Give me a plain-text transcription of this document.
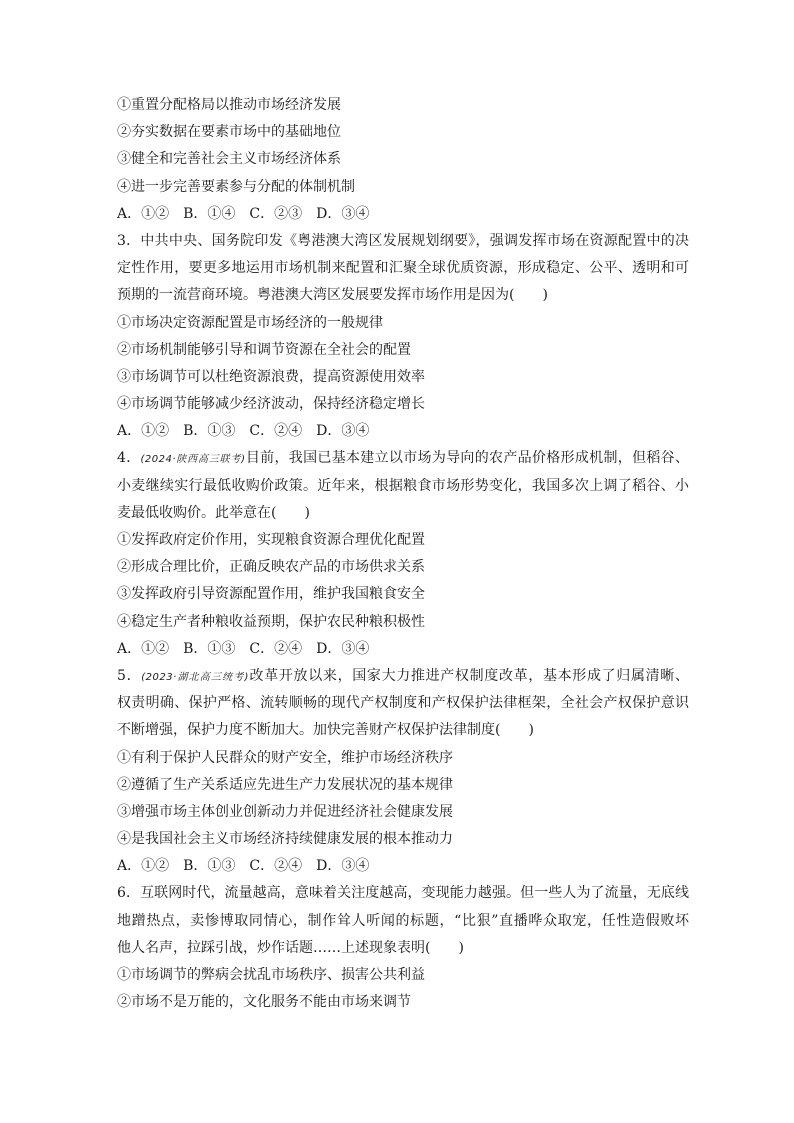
①重置分配格局以推动市场经济发展
②夯实数据在要素市场中的基础地位
③健全和完善社会主义市场经济体系
④进一步完善要素参与分配的体制机制
A．①②　B．①④　C．②③　D．③④
3．中共中央、国务院印发《粤港澳大湾区发展规划纲要》，强调发挥市场在资源配置中的决
定性作用，要更多地运用市场机制来配置和汇聚全球优质资源，形成稳定、公平、透明和可
预期的一流营商环境。粤港澳大湾区发展要发挥市场作用是因为(　　)
①市场决定资源配置是市场经济的一般规律
②市场机制能够引导和调节资源在全社会的配置
③市场调节可以杜绝资源浪费，提高资源使用效率
④市场调节能够减少经济波动，保持经济稳定增长
A．①②　B．①③　C．②④　D．③④
4．(2024·陕西高三联考)目前，我国已基本建立以市场为导向的农产品价格形成机制，但稻谷、
小麦继续实行最低收购价政策。近年来，根据粮食市场形势变化，我国多次上调了稻谷、小
麦最低收购价。此举意在(　　)
①发挥政府定价作用，实现粮食资源合理优化配置
②形成合理比价，正确反映农产品的市场供求关系
③发挥政府引导资源配置作用，维护我国粮食安全
④稳定生产者种粮收益预期，保护农民种粮积极性
A．①②　B．①③　C．②④　D．③④
5．(2023·湖北高三统考)改革开放以来，国家大力推进产权制度改革，基本形成了归属清晰、
权责明确、保护严格、流转顺畅的现代产权制度和产权保护法律框架，全社会产权保护意识
不断增强，保护力度不断加大。加快完善财产权保护法律制度(　　)
①有利于保护人民群众的财产安全，维护市场经济秩序
②遵循了生产关系适应先进生产力发展状况的基本规律
③增强市场主体创业创新动力并促进经济社会健康发展
④是我国社会主义市场经济持续健康发展的根本推动力
A．①②　B．①③　C．②④　D．③④
6．互联网时代，流量越高，意味着关注度越高，变现能力越强。但一些人为了流量，无底线
地蹭热点，卖惨博取同情心，制作耸人听闻的标题，“比狠”直播哗众取宠，任性造假败坏
他人名声，拉踩引战，炒作话题……上述现象表明(　　)
①市场调节的弊病会扰乱市场秩序、损害公共利益
②市场不是万能的，文化服务不能由市场来调节
